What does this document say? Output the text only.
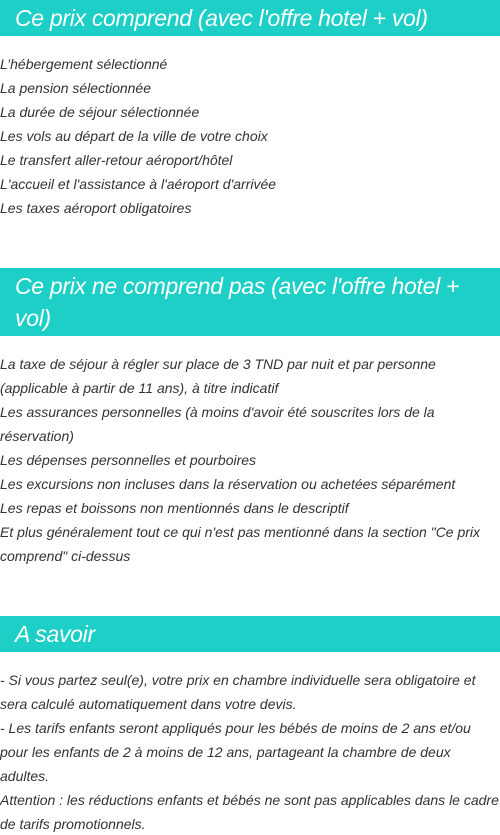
Ce prix comprend (avec l'offre hotel + vol)
L’hébergement sélectionné
La pension sélectionnée
La durée de séjour sélectionnée
Les vols au départ de la ville de votre choix
Le transfert aller-retour aéroport/hôtel
L'accueil et l'assistance à l'aéroport d'arrivée
Les taxes aéroport obligatoires
Ce prix ne comprend pas (avec l'offre hotel + vol)
La taxe de séjour à régler sur place de 3 TND par nuit et par personne (applicable à partir de 11 ans), à titre indicatif
Les assurances personnelles (à moins d'avoir été souscrites lors de la réservation)
Les dépenses personnelles et pourboires
Les excursions non incluses dans la réservation ou achetées séparément
Les repas et boissons non mentionnés dans le descriptif
Et plus généralement tout ce qui n'est pas mentionné dans la section "Ce prix comprend" ci-dessus
A savoir
- Si vous partez seul(e), votre prix en chambre individuelle sera obligatoire et sera calculé automatiquement dans votre devis.
- Les tarifs enfants seront appliqués pour les bébés de moins de 2 ans et/ou pour les enfants de 2 à moins de 12 ans, partageant la chambre de deux adultes.
Attention : les réductions enfants et bébés ne sont pas applicables dans le cadre de tarifs promotionnels.
